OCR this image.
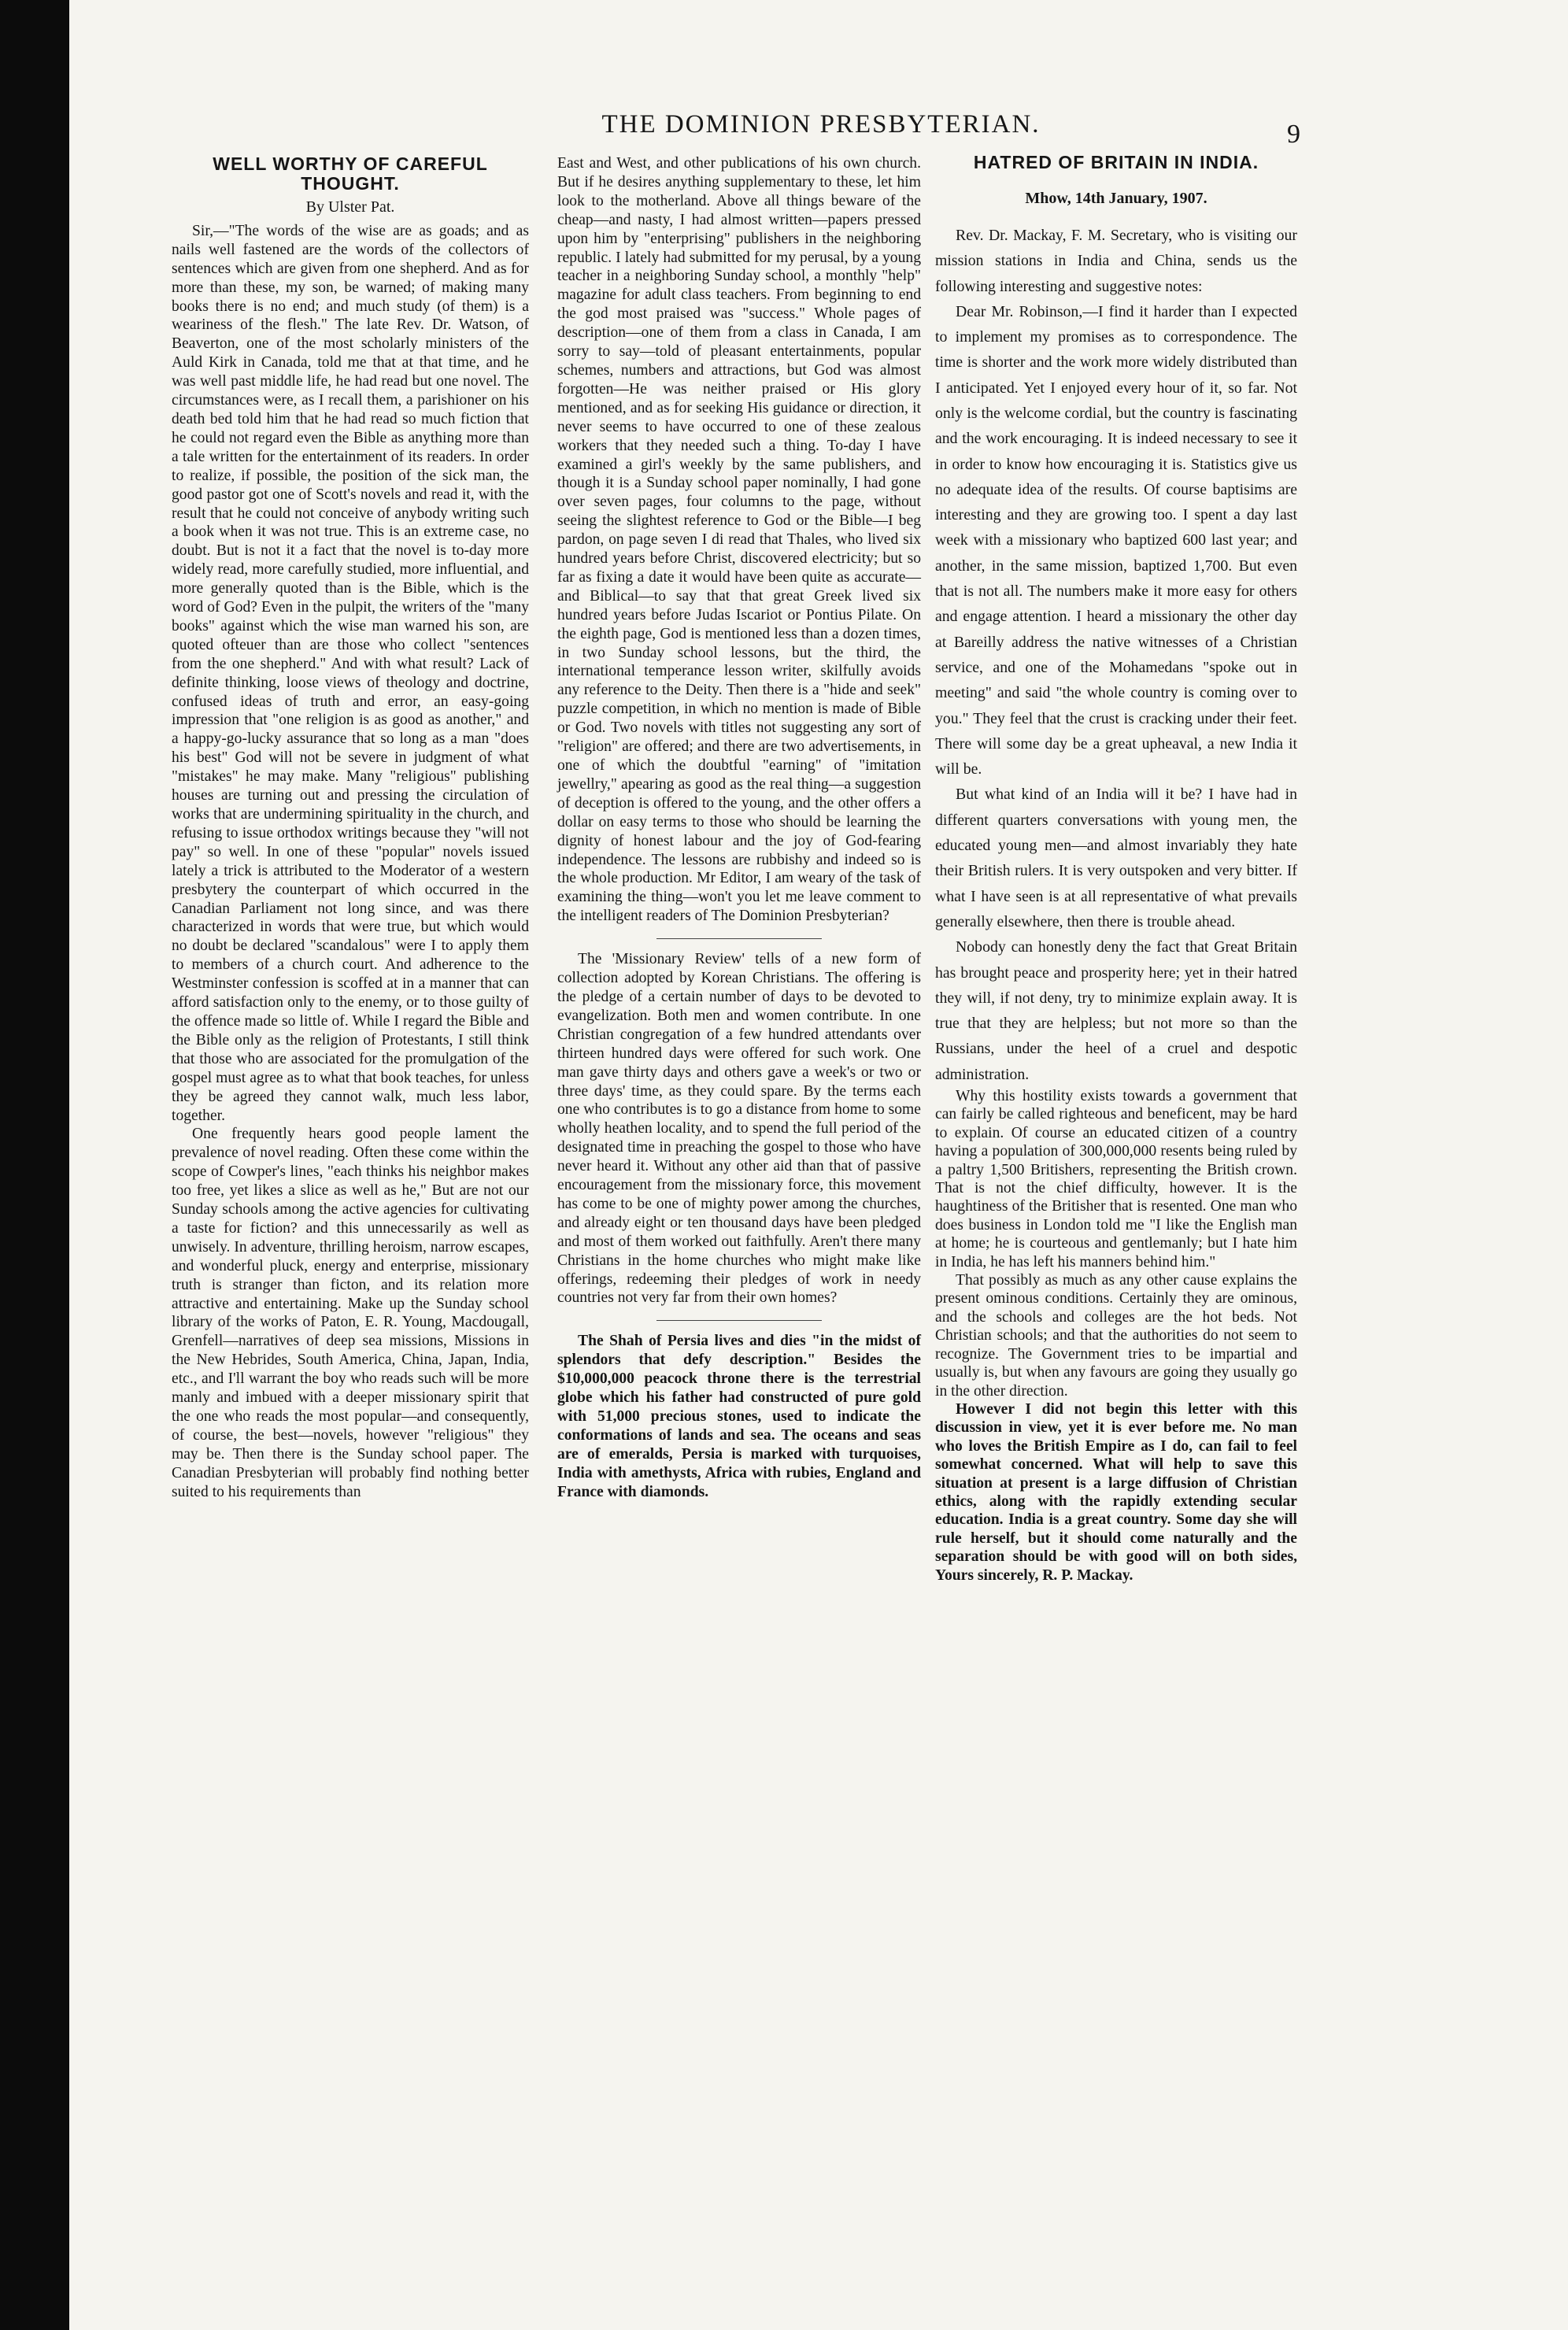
THE DOMINION PRESBYTERIAN.	9
WELL WORTHY OF CAREFUL THOUGHT.
By Ulster Pat.

Sir,—"The words of the wise are as goads; and as nails well fastened are the words of the collectors of sentences which are given from one shepherd. And as for more than these, my son, be warned; of making many books there is no end; and much study (of them) is a weariness of the flesh." The late Rev. Dr. Watson, of Beaverton, one of the most scholarly ministers of the Auld Kirk in Canada, told me that at that time, and he was well past middle life, he had read but one novel. The circumstances were, as I recall them, a parishioner on his death bed told him that he had read so much fiction that he could not regard even the Bible as anything more than a tale written for the entertainment of its readers. In order to realize, if possible, the position of the sick man, the good pastor got one of Scott's novels and read it, with the result that he could not conceive of anybody writing such a book when it was not true. This is an extreme case, no doubt. But is not it a fact that the novel is to-day more widely read, more carefully studied, more influential, and more generally quoted than is the Bible, which is the word of God? Even in the pulpit, the writers of the "many books" against which the wise man warned his son, are quoted ofteuer than are those who collect "sentences from the one shepherd." And with what result? Lack of definite thinking, loose views of theology and doctrine, confused ideas of truth and error, an easy-going impression that "one religion is as good as another," and a happy-go-lucky assurance that so long as a man "does his best" God will not be severe in judgment of what "mistakes" he may make. Many "religious" publishing houses are turning out and pressing the circulation of works that are undermining spirituality in the church, and refusing to issue orthodox writings because they "will not pay" so well. In one of these "popular" novels issued lately a trick is attributed to the Moderator of a western presbytery the counterpart of which occurred in the Canadian Parliament not long since, and was there characterized in words that were true, but which would no doubt be declared "scandalous" were I to apply them to members of a church court. And adherence to the Westminster confession is scoffed at in a manner that can afford satisfaction only to the enemy, or to those guilty of the offence made so little of. While I regard the Bible and the Bible only as the religion of Protestants, I still think that those who are associated for the promulgation of the gospel must agree as to what that book teaches, for unless they be agreed they cannot walk, much less labor, together.

One frequently hears good people lament the prevalence of novel reading. Often these come within the scope of Cowper's lines, "each thinks his neighbor makes too free, yet likes a slice as well as he," But are not our Sunday schools among the active agencies for cultivating a taste for fiction? and this unnecessarily as well as unwisely. In adventure, thrilling heroism, narrow escapes, and wonderful pluck, energy and enterprise, missionary truth is stranger than ficton, and its relation more attractive and entertaining. Make up the Sunday school library of the works of Paton, E. R. Young, Macdougall, Grenfell—narratives of deep sea missions, Missions in the New Hebrides, South America, China, Japan, India, etc., and I'll warrant the boy who reads such will be more manly and imbued with a deeper missionary spirit that the one who reads the most popular—and consequently, of course, the best—novels, however "religious" they may be. Then there is the Sunday school paper. The Canadian Presbyterian will probably find nothing better suited to his requirements than

East and West, and other publications of his own church. But if he desires anything supplementary to these, let him look to the motherland. Above all things beware of the cheap—and nasty, I had almost written—papers pressed upon him by "enterprising" publishers in the neighboring republic. I lately had submitted for my perusal, by a young teacher in a neighboring Sunday school, a monthly "help" magazine for adult class teachers. From beginning to end the god most praised was "success." Whole pages of description—one of them from a class in Canada, I am sorry to say—told of pleasant entertainments, popular schemes, numbers and attractions, but God was almost forgotten—He was neither praised or His glory mentioned, and as for seeking His guidance or direction, it never seems to have occurred to one of these zealous workers that they needed such a thing. To-day I have examined a girl's weekly by the same publishers, and though it is a Sunday school paper nominally, I had gone over seven pages, four columns to the page, without seeing the slightest reference to God or the Bible—I beg pardon, on page seven I di read that Thales, who lived six hundred years before Christ, discovered electricity; but so far as fixing a date it would have been quite as accurate—and Biblical—to say that that great Greek lived six hundred years before Judas Iscariot or Pontius Pilate. On the eighth page, God is mentioned less than a dozen times, in two Sunday school lessons, but the third, the international temperance lesson writer, skilfully avoids any reference to the Deity. Then there is a "hide and seek" puzzle competition, in which no mention is made of Bible or God. Two novels with titles not suggesting any sort of "religion" are offered; and there are two advertisements, in one of which the doubtful "earning" of "imitation jewellry," apearing as good as the real thing—a suggestion of deception is offered to the young, and the other offers a dollar on easy terms to those who should be learning the dignity of honest labour and the joy of God-fearing independence. The lessons are rubbishy and indeed so is the whole production. Mr Editor, I am weary of the task of examining the thing—won't you let me leave comment to the intelligent readers of The Dominion Presbyterian?

The 'Missionary Review' tells of a new form of collection adopted by Korean Christians. The offering is the pledge of a certain number of days to be devoted to evangelization. Both men and women contribute. In one Christian congregation of a few hundred attendants over thirteen hundred days were offered for such work. One man gave thirty days and others gave a week's or two or three days' time, as they could spare. By the terms each one who contributes is to go a distance from home to some wholly heathen locality, and to spend the full period of the designated time in preaching the gospel to those who have never heard it. Without any other aid than that of passive encouragement from the missionary force, this movement has come to be one of mighty power among the churches, and already eight or ten thousand days have been pledged and most of them worked out faithfully. Aren't there many Christians in the home churches who might make like offerings, redeeming their pledges of work in needy countries not very far from their own homes?

The Shah of Persia lives and dies "in the midst of splendors that defy description." Besides the $10,000,000 peacock throne there is the terrestrial globe which his father had constructed of pure gold with 51,000 precious stones, used to indicate the conformations of lands and sea. The oceans and seas are of emeralds, Persia is marked with turquoises, India with amethysts, Africa with rubies, England and France with diamonds.

HATRED OF BRITAIN IN INDIA.
Mhow, 14th January, 1907.

Rev. Dr. Mackay, F. M. Secretary, who is visiting our mission stations in India and China, sends us the following interesting and suggestive notes:

Dear Mr. Robinson,—I find it harder than I expected to implement my promises as to correspondence. The time is shorter and the work more widely distributed than I anticipated. Yet I enjoyed every hour of it, so far. Not only is the welcome cordial, but the country is fascinating and the work encouraging. It is indeed necessary to see it in order to know how encouraging it is. Statistics give us no adequate idea of the results. Of course baptisims are interesting and they are growing too. I spent a day last week with a missionary who baptized 600 last year; and another, in the same mission, baptized 1,700. But even that is not all. The numbers make it more easy for others and engage attention. I heard a missionary the other day at Bareilly address the native witnesses of a Christian service, and one of the Mohamedans "spoke out in meeting" and said "the whole country is coming over to you." They feel that the crust is cracking under their feet. There will some day be a great upheaval, a new India it will be.

But what kind of an India will it be? I have had in different quarters conversations with young men, the educated young men—and almost invariably they hate their British rulers. It is very outspoken and very bitter. If what I have seen is at all representative of what prevails generally elsewhere, then there is trouble ahead.

Nobody can honestly deny the fact that Great Britain has brought peace and prosperity here; yet in their hatred they will, if not deny, try to minimize explain away. It is true that they are helpless; but not more so than the Russians, under the heel of a cruel and despotic administration.

Why this hostility exists towards a government that can fairly be called righteous and beneficent, may be hard to explain. Of course an educated citizen of a country having a population of 300,000,000 resents being ruled by a paltry 1,500 Britishers, representing the British crown. That is not the chief difficulty, however. It is the haughtiness of the Britisher that is resented. One man who does business in London told me "I like the English man at home; he is courteous and gentlemanly; but I hate him in India, he has left his manners behind him."

That possibly as much as any other cause explains the present ominous conditions. Certainly they are ominous, and the schools and colleges are the hot beds. Not Christian schools; and that the authorities do not seem to recognize. The Government tries to be impartial and usually is, but when any favours are going they usually go in the other direction.

However I did not begin this letter with this discussion in view, yet it is ever before me. No man who loves the British Empire as I do, can fail to feel somewhat concerned. What will help to save this situation at present is a large diffusion of Christian ethics, along with the rapidly extending secular education. India is a great country. Some day she will rule herself, but it should come naturally and the separation should be with good will on both sides, Yours sincerely, R. P. Mackay.
